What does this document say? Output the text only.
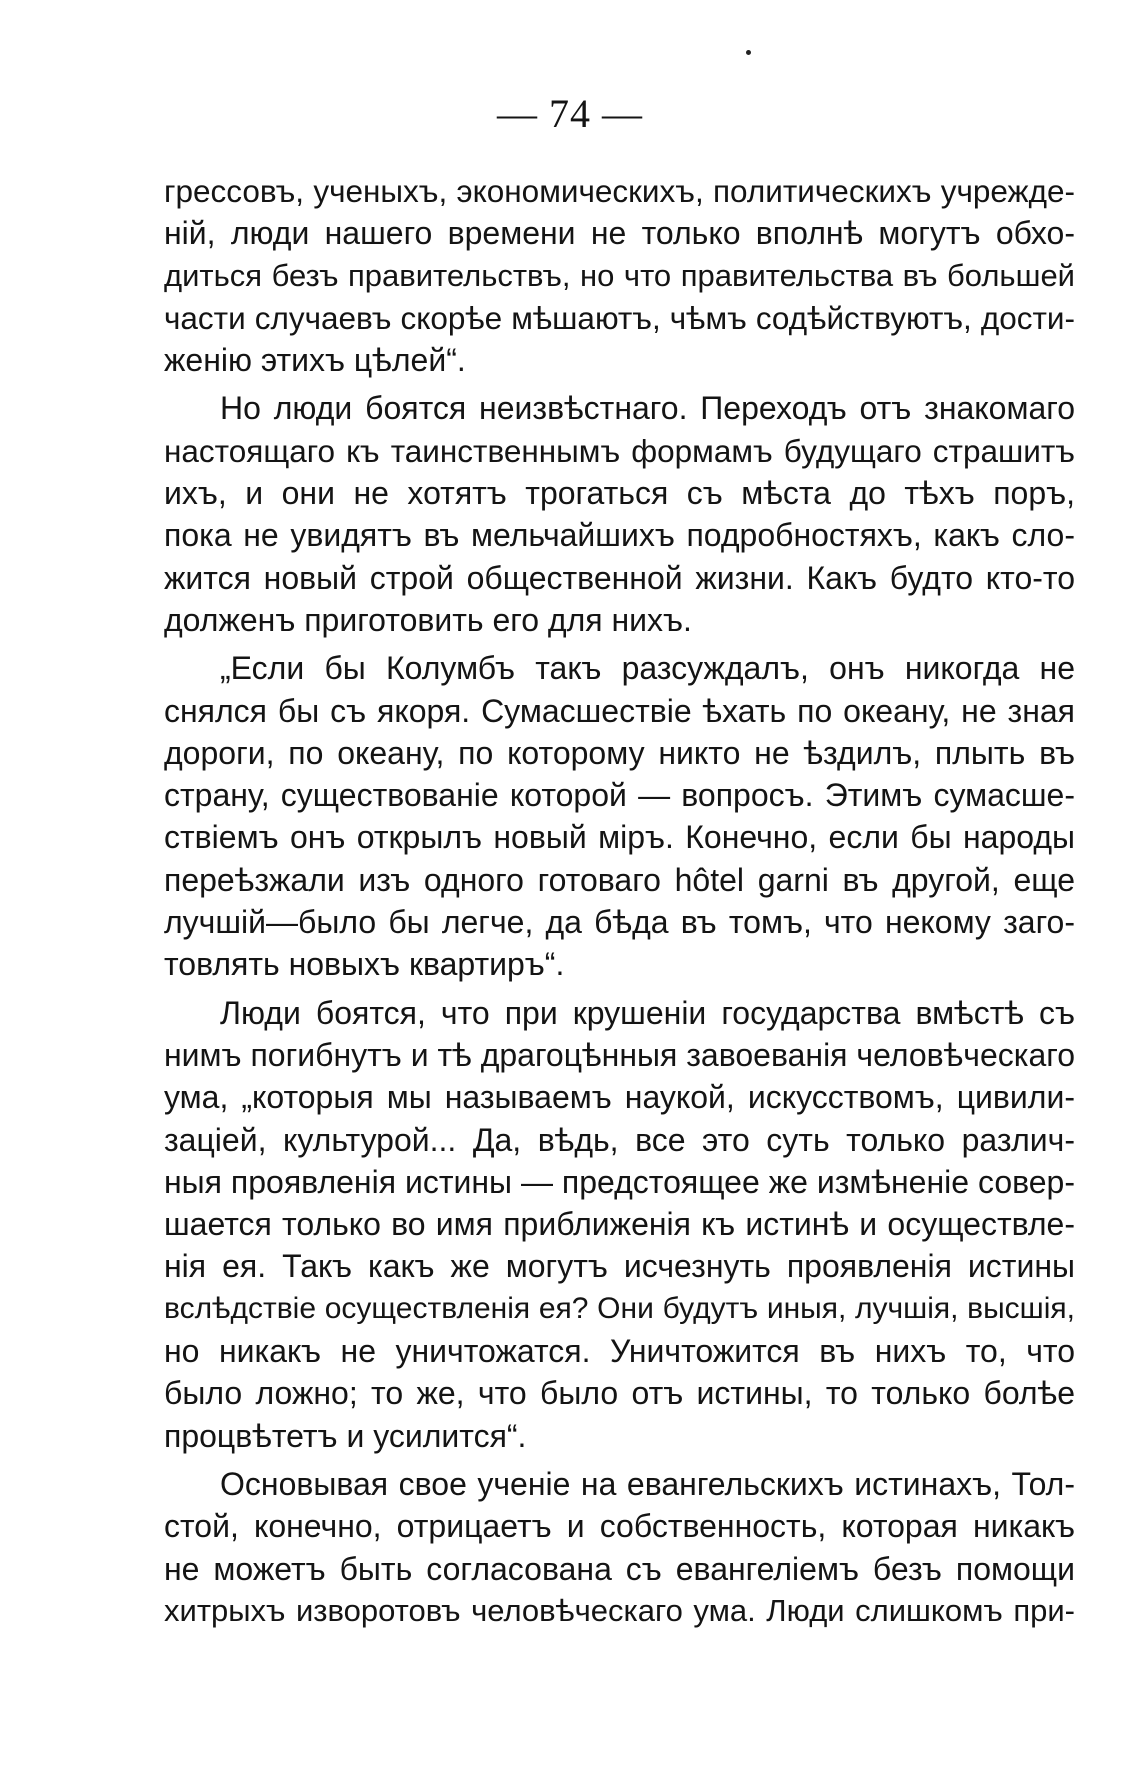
— 74 —
грессовъ, ученыхъ, экономическихъ, политическихъ учрежде-
ній, люди нашего времени не только вполнѣ могутъ обхо-
диться безъ правительствъ, но что правительства въ большей
части случаевъ скорѣе мѣшаютъ, чѣмъ содѣйствуютъ, дости-
женію этихъ цѣлей“.
Но люди боятся неизвѣстнаго. Переходъ отъ знакомаго
настоящаго къ таинственнымъ формамъ будущаго страшитъ
ихъ, и они не хотятъ трогаться съ мѣста до тѣхъ поръ,
пока не увидятъ въ мельчайшихъ подробностяхъ, какъ сло-
жится новый строй общественной жизни. Какъ будто кто-то
долженъ приготовить его для нихъ.
„Если бы Колумбъ такъ разсуждалъ, онъ никогда не
снялся бы съ якоря. Сумасшествіе ѣхать по океану, не зная
дороги, по океану, по которому никто не ѣздилъ, плыть въ
страну, существованіе которой — вопросъ. Этимъ сумасше-
ствіемъ онъ открылъ новый міръ. Конечно, если бы народы
переѣзжали изъ одного готоваго hôtel garni въ другой, еще
лучшій—было бы легче, да бѣда въ томъ, что некому заго-
товлять новыхъ квартиръ“.
Люди боятся, что при крушеніи государства вмѣстѣ съ
нимъ погибнутъ и тѣ драгоцѣнныя завоеванія человѣческаго
ума, „которыя мы называемъ наукой, искусствомъ, цивили-
заціей, культурой... Да, вѣдь, все это суть только различ-
ныя проявленія истины — предстоящее же измѣненіе совер-
шается только во имя приближенія къ истинѣ и осуществле-
нія ея. Такъ какъ же могутъ исчезнуть проявленія истины
вслѣдствіе осуществленія ея? Они будутъ иныя, лучшія, высшія,
но никакъ не уничтожатся. Уничтожится въ нихъ то, что
было ложно; то же, что было отъ истины, то только болѣе
процвѣтетъ и усилится“.
Основывая свое ученіе на евангельскихъ истинахъ, Тол-
стой, конечно, отрицаетъ и собственность, которая никакъ
не можетъ быть согласована съ евангеліемъ безъ помощи
хитрыхъ изворотовъ человѣческаго ума. Люди слишкомъ при-
